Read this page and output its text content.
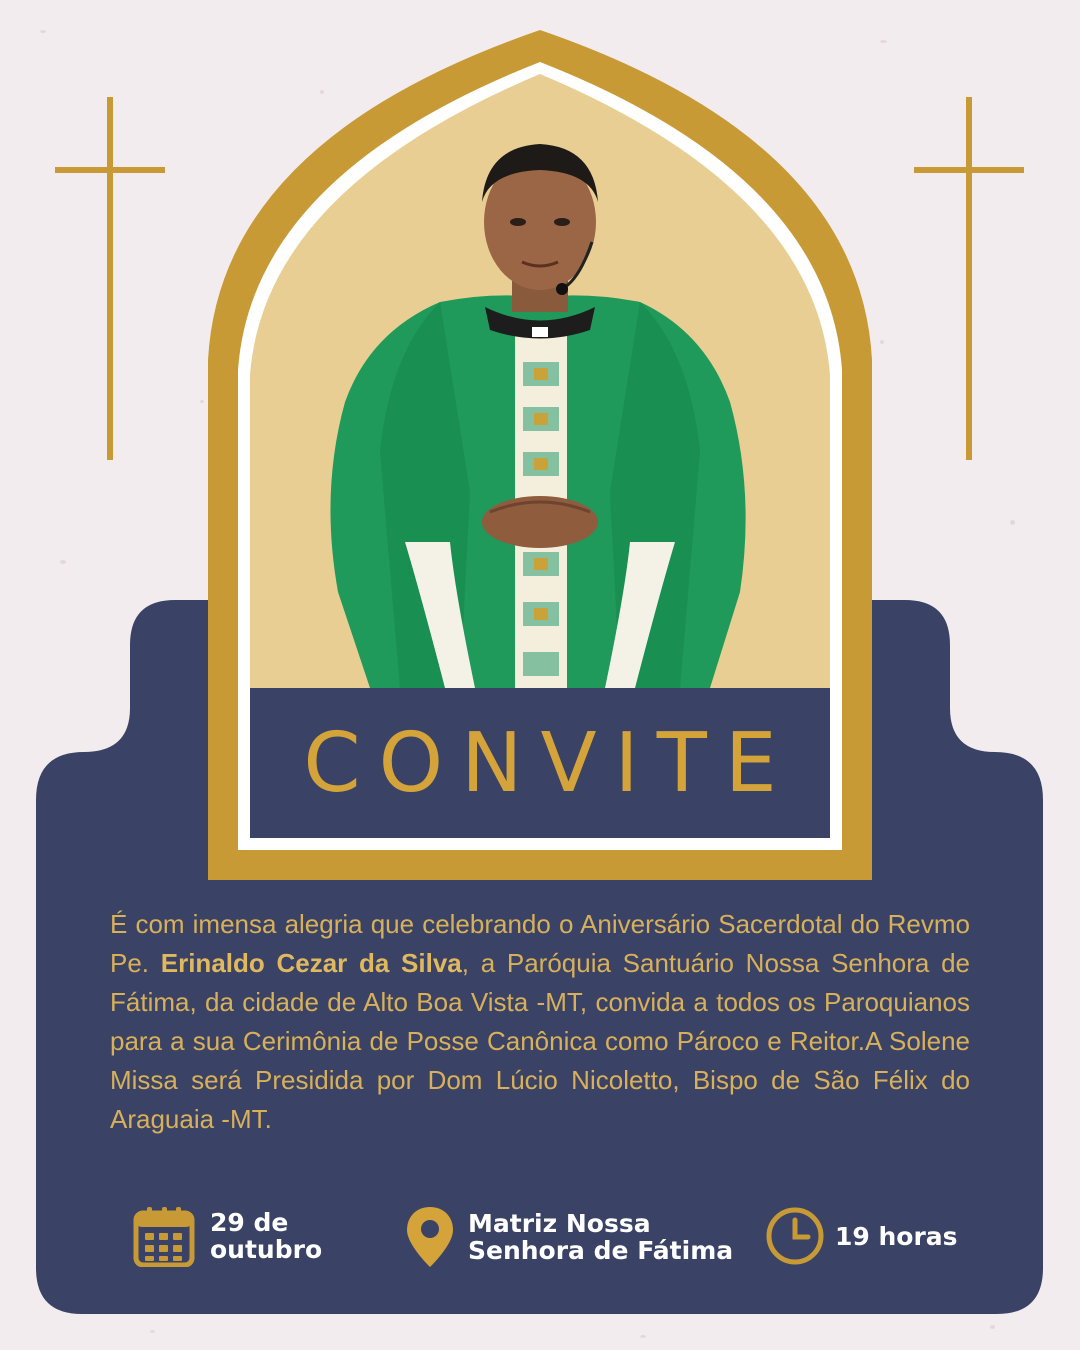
CONVITE
É com imensa alegria que celebrando o Aniversário Sacerdotal do Revmo Pe. Erinaldo Cezar da Silva, a Paróquia Santuário Nossa Senhora de Fátima, da cidade de Alto Boa Vista -MT, convida a todos os Paroquianos para a sua Cerimônia de Posse Canônica como Pároco e Reitor.A Solene Missa será Presidida por Dom Lúcio Nicoletto, Bispo de São Félix do Araguaia -MT.
29 de
outubro
Matriz Nossa
Senhora de Fátima	19 horas
